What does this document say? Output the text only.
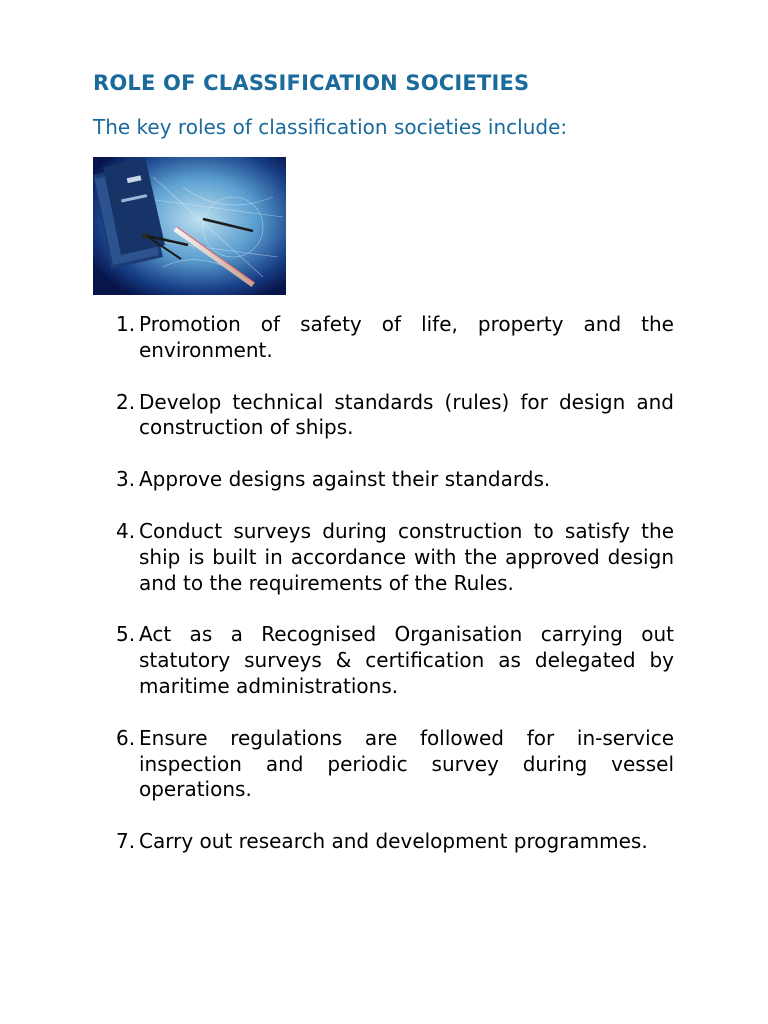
ROLE OF CLASSIFICATION SOCIETIES

The key roles of classification societies include:

1. Promotion of safety of life, property and the environment.
2. Develop technical standards (rules) for design and construction of ships.
3. Approve designs against their standards.
4. Conduct surveys during construction to satisfy the ship is built in accordance with the approved design and to the requirements of the Rules.
5. Act as a Recognised Organisation carrying out statutory surveys & certification as delegated by maritime administrations.
6. Ensure regulations are followed for in-service inspection and periodic survey during vessel operations.
7. Carry out research and development programmes.
